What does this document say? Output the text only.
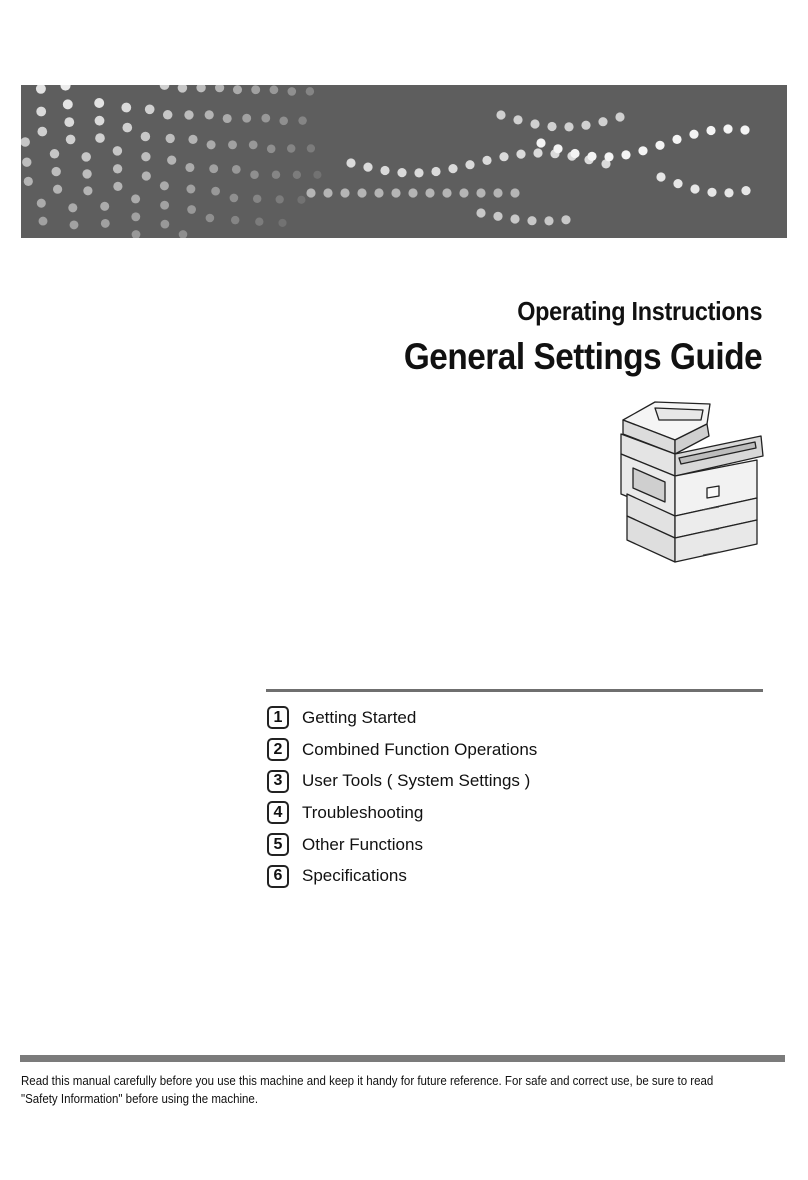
Operating Instructions
General Settings Guide
1	Getting Started
2	Combined Function Operations
3	User Tools ( System Settings )
4	Troubleshooting
5	Other Functions
6	Specifications
Read this manual carefully before you use this machine and keep it handy for future reference. For safe and correct use, be sure to read "Safety Information" before using the machine.
